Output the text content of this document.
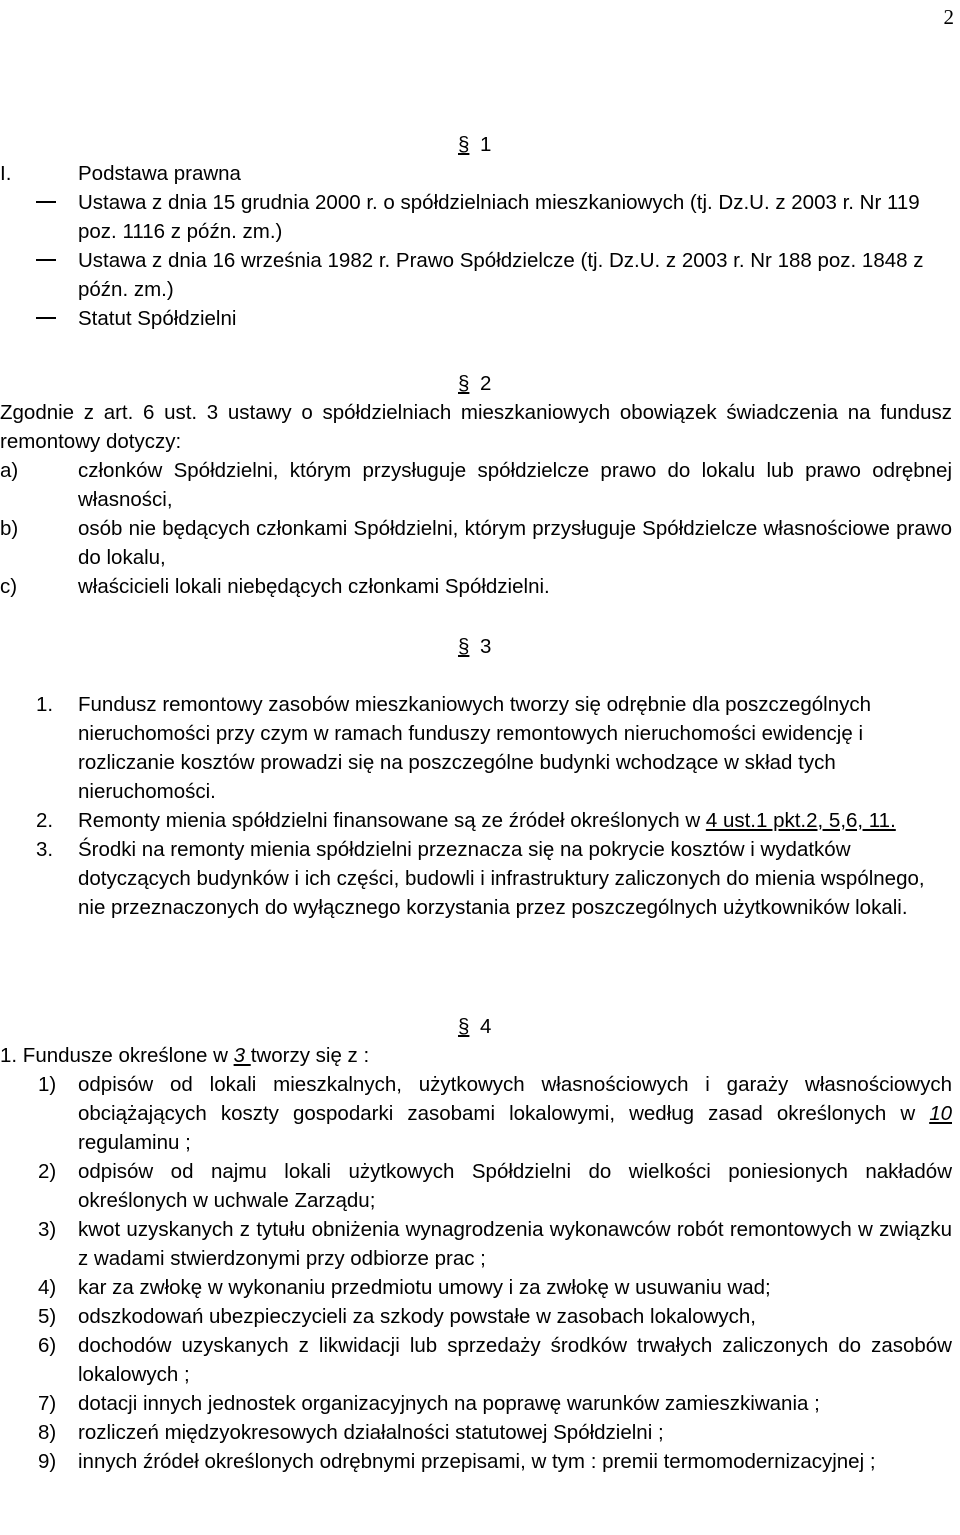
2
§ 1
I.	Podstawa prawna
Ustawa z dnia 15 grudnia 2000 r. o spółdzielniach mieszkaniowych (tj. Dz.U. z 2003 r. Nr 119 poz. 1116 z późn. zm.)
Ustawa z dnia 16 września 1982 r. Prawo Spółdzielcze (tj. Dz.U. z 2003 r. Nr 188 poz. 1848 z późn. zm.)
Statut Spółdzielni
§ 2
Zgodnie z art. 6 ust. 3 ustawy o spółdzielniach mieszkaniowych obowiązek świadczenia na fundusz remontowy dotyczy:
a)	członków Spółdzielni, którym przysługuje spółdzielcze prawo do lokalu lub prawo odrębnej własności,
b)	osób nie będących członkami Spółdzielni, którym przysługuje Spółdzielcze własnościowe prawo do lokalu,
c)	właścicieli lokali niebędących członkami Spółdzielni.
§ 3
1. Fundusz remontowy zasobów mieszkaniowych tworzy się odrębnie dla poszczególnych nieruchomości przy czym w ramach funduszy remontowych nieruchomości ewidencję i rozliczanie kosztów prowadzi się na poszczególne budynki wchodzące w skład tych nieruchomości.
2. Remonty mienia spółdzielni finansowane są ze źródeł określonych w 4 ust.1 pkt.2, 5,6, 11.
3. Środki na remonty mienia spółdzielni przeznacza się na pokrycie kosztów i wydatków dotyczących budynków i ich części, budowli i infrastruktury zaliczonych do mienia wspólnego, nie przeznaczonych do wyłącznego korzystania przez poszczególnych użytkowników lokali.
§ 4
1. Fundusze określone w 3 tworzy się z :
1) odpisów od lokali mieszkalnych, użytkowych własnościowych i garaży własnościowych obciążających koszty gospodarki zasobami lokalowymi, według zasad określonych w 10 regulaminu ;
2) odpisów od najmu lokali użytkowych Spółdzielni do wielkości poniesionych nakładów określonych w uchwale Zarządu;
3) kwot uzyskanych z tytułu obniżenia wynagrodzenia wykonawców robót remontowych w związku z wadami stwierdzonymi przy odbiorze prac ;
4) kar za zwłokę w wykonaniu przedmiotu umowy i za zwłokę w usuwaniu wad;
5) odszkodowań ubezpieczycieli za szkody powstałe w zasobach lokalowych,
6) dochodów uzyskanych z likwidacji lub sprzedaży środków trwałych zaliczonych do zasobów lokalowych ;
7) dotacji innych jednostek organizacyjnych na poprawę warunków zamieszkiwania ;
8) rozliczeń międzyokresowych działalności statutowej Spółdzielni ;
9) innych źródeł określonych odrębnymi przepisami, w tym : premii termomodernizacyjnej ;
